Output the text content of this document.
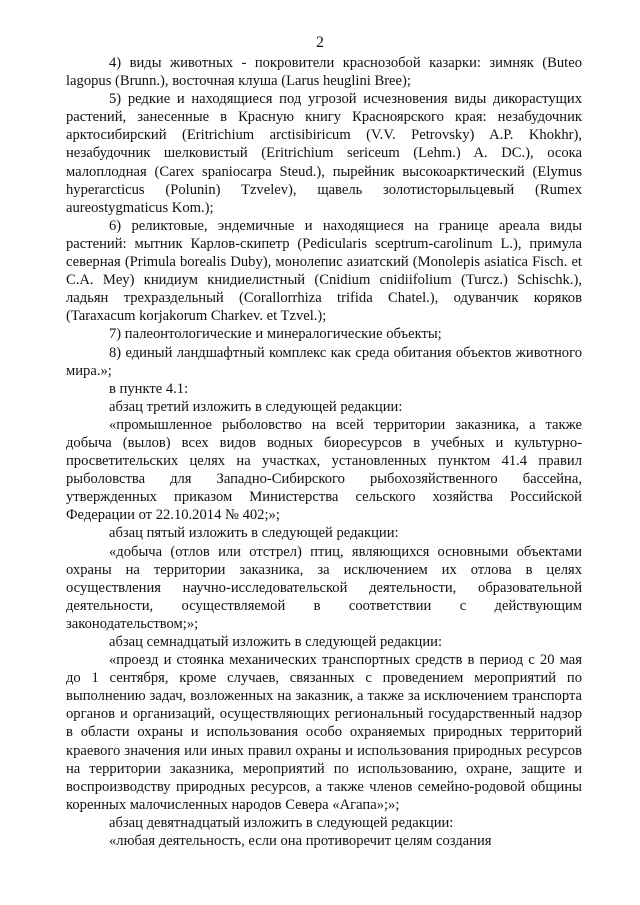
2

4) виды животных - покровители краснозобой казарки: зимняк (Buteo lagopus (Brunn.), восточная клуша (Larus heuglini Bree);

5) редкие и находящиеся под угрозой исчезновения виды дикорастущих растений, занесенные в Красную книгу Красноярского края: незабудочник арктосибирский (Eritrichium arctisibiricum (V.V. Petrovsky) A.P. Khokhr), незабудочник шелковистый (Eritrichium sericeum (Lehm.) A. DC.), осока малоплодная (Carex spaniocarpa Steud.), пырейник высокоарктический (Elymus hyperarcticus (Polunin) Tzvelev), щавель золотисторыльцевый (Rumex aureostygmaticus Kom.);

6) реликтовые, эндемичные и находящиеся на границе ареала виды растений: мытник Карлов-скипетр (Pedicularis sceptrum-carolinum L.), примула северная (Primula borealis Duby), монолепис азиатский (Monolepis asiatica Fisch. et C.A. Mey) книдиум книдиелистный (Cnidium cnidiifolium (Turcz.) Schischk.), ладьян трехраздельный (Corallorrhiza trifida Chatel.), одуванчик коряков (Taraxacum korjakorum Charkev. et Tzvel.);

7) палеонтологические и минералогические объекты;

8) единый ландшафтный комплекс как среда обитания объектов животного мира.»;

в пункте 4.1:

абзац третий изложить в следующей редакции:

«промышленное рыболовство на всей территории заказника, а также добыча (вылов) всех видов водных биоресурсов в учебных и культурно-просветительских целях на участках, установленных пунктом 41.4 правил рыболовства для Западно-Сибирского рыбохозяйственного бассейна, утвержденных приказом Министерства сельского хозяйства Российской Федерации от 22.10.2014 № 402;»;

абзац пятый изложить в следующей редакции:

«добыча (отлов или отстрел) птиц, являющихся основными объектами охраны на территории заказника, за исключением их отлова в целях осуществления научно-исследовательской деятельности, образовательной деятельности, осуществляемой в соответствии с действующим законодательством;»;

абзац семнадцатый изложить в следующей редакции:

«проезд и стоянка механических транспортных средств в период с 20 мая до 1 сентября, кроме случаев, связанных с проведением мероприятий по выполнению задач, возложенных на заказник, а также за исключением транспорта органов и организаций, осуществляющих региональный государственный надзор в области охраны и использования особо охраняемых природных территорий краевого значения или иных правил охраны и использования природных ресурсов на территории заказника, мероприятий по использованию, охране, защите и воспроизводству природных ресурсов, а также членов семейно-родовой общины коренных малочисленных народов Севера «Агапа»;»;

абзац девятнадцатый изложить в следующей редакции:

«любая деятельность, если она противоречит целям создания
